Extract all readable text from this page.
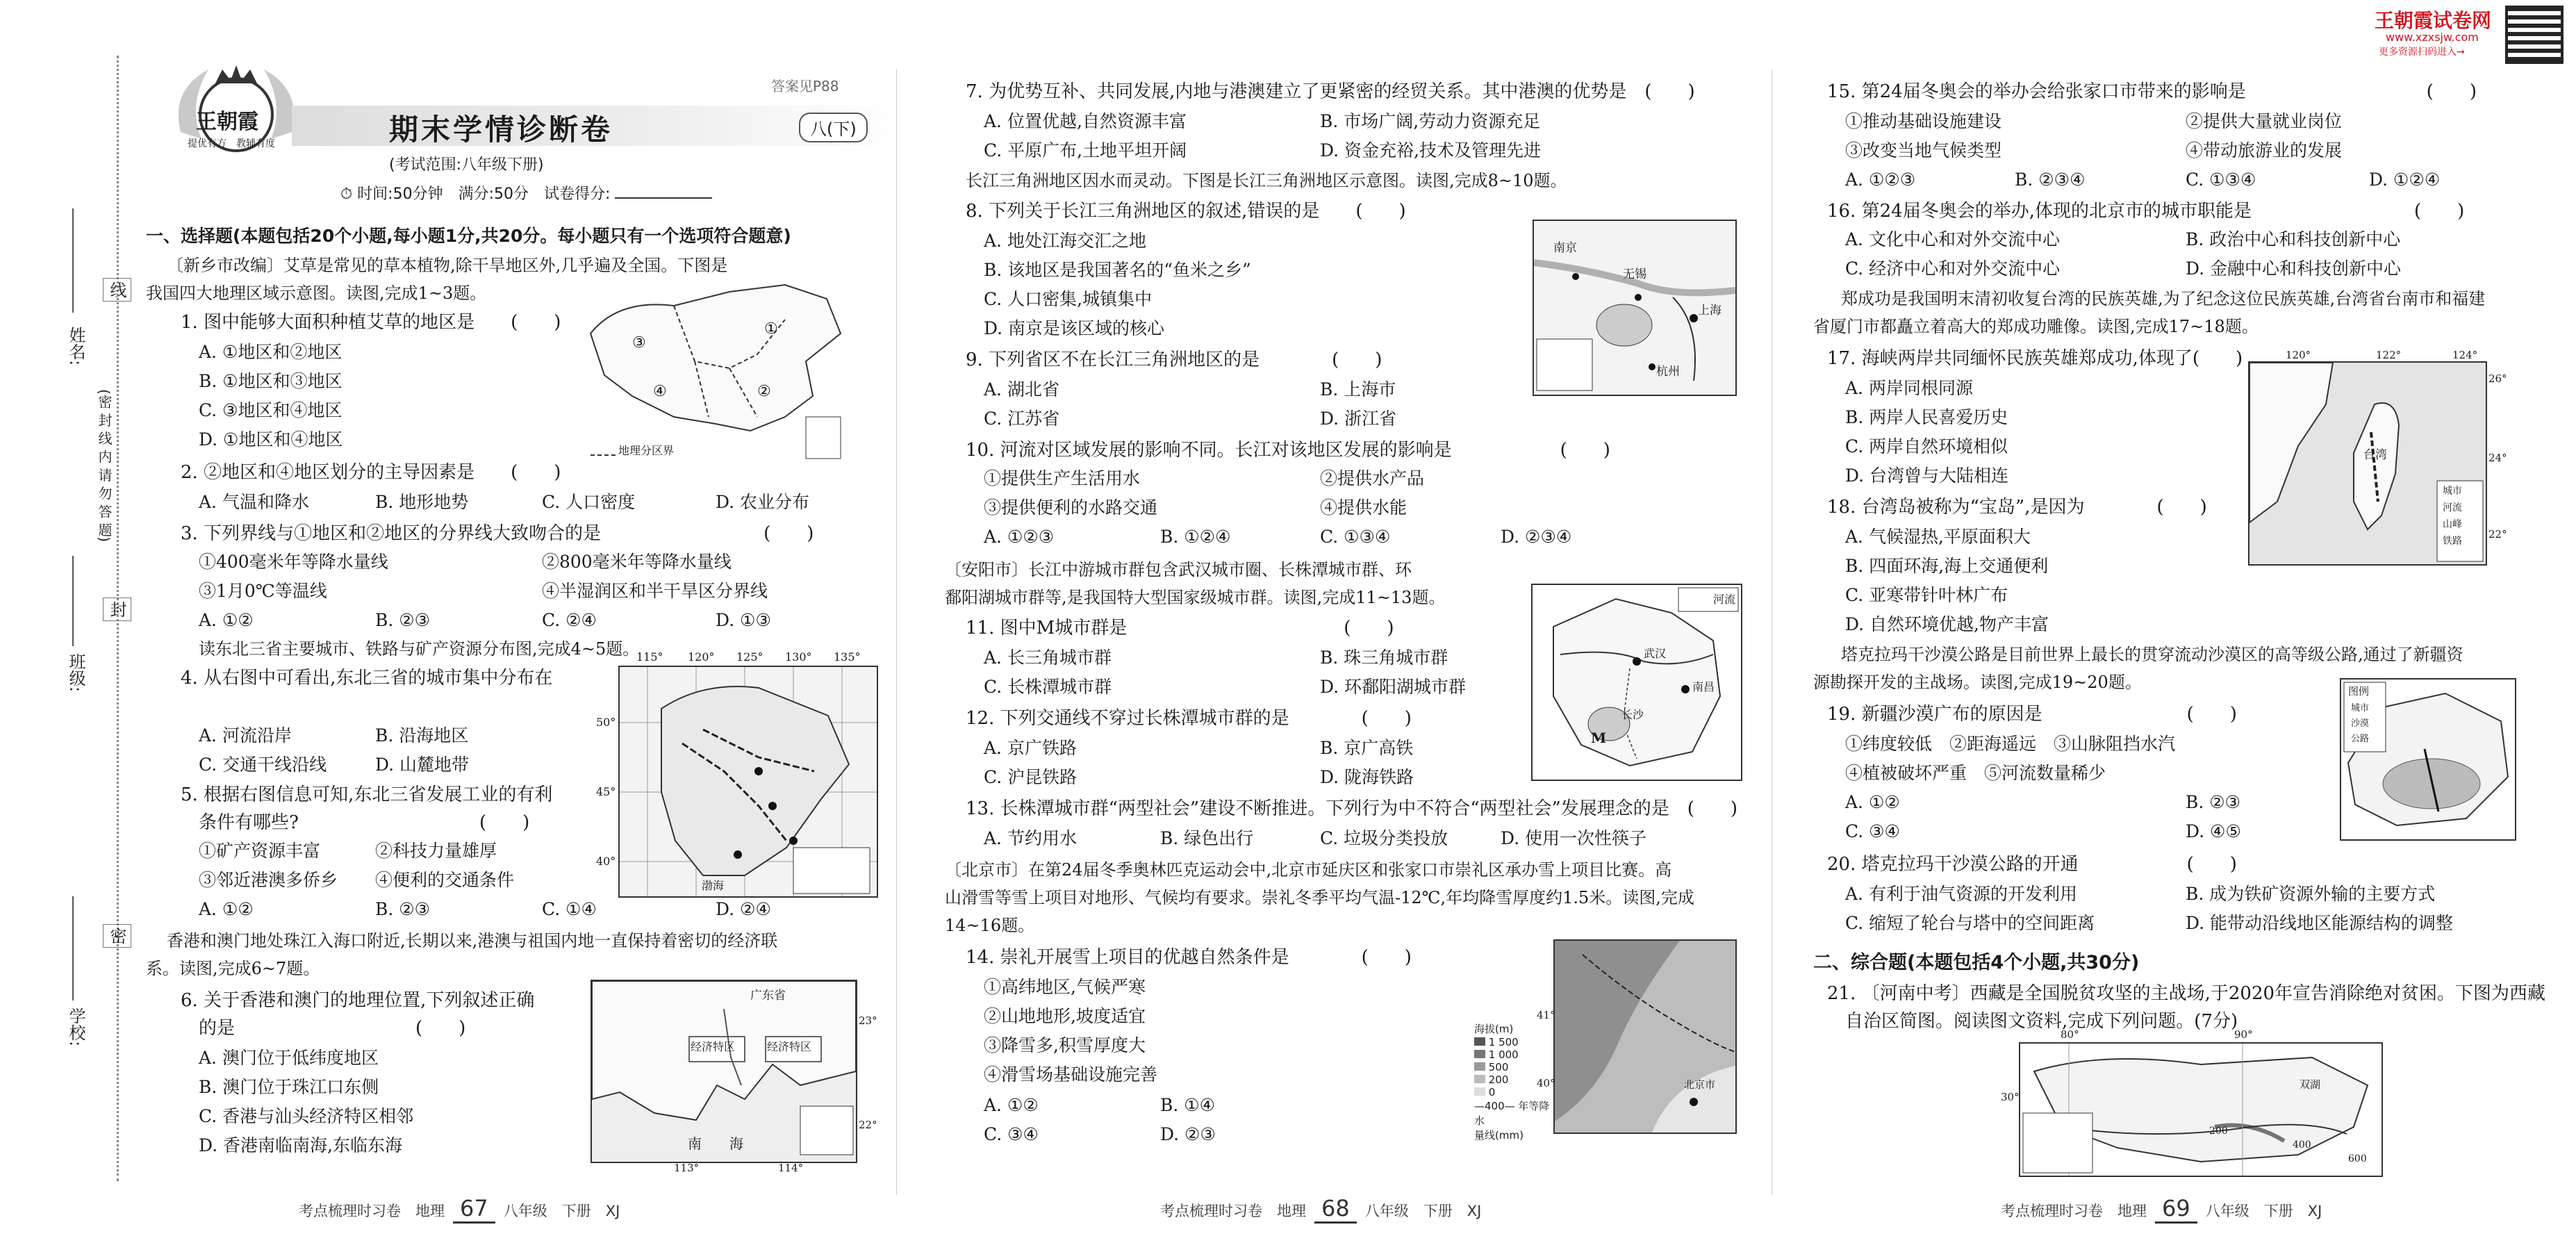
姓名:
班级:
学校:
(密 封 线 内 请 勿 答 题)
线
封
密
王朝霞
提优有方　教辅有度
答案见P88
期末学情诊断卷	八(下)
(考试范围:八年级下册)
⏱ 时间:50分钟　满分:50分　试卷得分:
王朝霞试卷网
www.xzxsjw.com
更多资源扫码进入→
一、选择题(本题包括20个小题,每小题1分,共20分。每小题只有一个选项符合题意)
〔新乡市改编〕艾草是常见的草本植物,除干旱地区外,几乎遍及全国。下图是
我国四大地理区域示意图。读图,完成1~3题。
1. 图中能够大面积种植艾草的地区是　　(　　)
A. ①地区和②地区
B. ①地区和③地区
C. ③地区和④地区
D. ①地区和④地区
③
①
④	②
地理分区界
2. ②地区和④地区划分的主导因素是　　(　　)
A. 气温和降水	B. 地形地势	C. 人口密度	D. 农业分布
3. 下列界线与①地区和②地区的分界线大致吻合的是　　　　　　　　　(　　)
①400毫米年等降水量线	②800毫米年等降水量线
③1月0℃等温线	④半湿润区和半干旱区分界线
A. ①②	B. ②③	C. ②④	D. ①③
读东北三省主要城市、铁路与矿产资源分布图,完成4~5题。
4. 从右图中可看出,东北三省的城市集中分布在
115° 120° 125° 130° 135°
50°
45°
40°
渤海
A. 河流沿岸	B. 沿海地区
C. 交通干线沿线	D. 山麓地带
5. 根据右图信息可知,东北三省发展工业的有利
条件有哪些?　　　　　　　　　　(　　)
①矿产资源丰富	②科技力量雄厚
③邻近港澳多侨乡 ④便利的交通条件
A. ①②	B. ②③	C. ①④	D. ②④
香港和澳门地处珠江入海口附近,长期以来,港澳与祖国内地一直保持着密切的经济联
系。读图,完成6~7题。
6. 关于香港和澳门的地理位置,下列叙述正确
的是　　　　　　　　　　(　　)
A. 澳门位于低纬度地区
B. 澳门位于珠江口东侧
C. 香港与汕头经济特区相邻
D. 香港南临南海,东临东海
广东省
经济特区	经济特区
南　　海
23°
22°
113°	114°
7. 为优势互补、共同发展,内地与港澳建立了更紧密的经贸关系。其中港澳的优势是　(　　)
A. 位置优越,自然资源丰富	B. 市场广阔,劳动力资源充足
C. 平原广布,土地平坦开阔	D. 资金充裕,技术及管理先进
长江三角洲地区因水而灵动。下图是长江三角洲地区示意图。读图,完成8~10题。
8. 下列关于长江三角洲地区的叙述,错误的是　　(　　)
A. 地处江海交汇之地
B. 该地区是我国著名的“鱼米之乡”
C. 人口密集,城镇集中
D. 南京是该区域的核心
南京
无锡
上海
杭州
9. 下列省区不在长江三角洲地区的是　　　　(　　)
A. 湖北省	B. 上海市
C. 江苏省	D. 浙江省
10. 河流对区域发展的影响不同。长江对该地区发展的影响是　　　　　　(　　)
①提供生产生活用水	②提供水产品
③提供便利的水路交通	④提供水能
A. ①②③	B. ①②④	C. ①③④	D. ②③④
〔安阳市〕长江中游城市群包含武汉城市圈、长株潭城市群、环
鄱阳湖城市群等,是我国特大型国家级城市群。读图,完成11~13题。	河流
武汉
南昌
长沙
M
11. 图中M城市群是　　　　　　　　　　　　(　　)
A. 长三角城市群	B. 珠三角城市群
C. 长株潭城市群	D. 环鄱阳湖城市群
12. 下列交通线不穿过长株潭城市群的是　　　　(　　)
A. 京广铁路	B. 京广高铁
C. 沪昆铁路	D. 陇海铁路
13. 长株潭城市群“两型社会”建设不断推进。下列行为中不符合“两型社会”发展理念的是　(　　)
A. 节约用水	B. 绿色出行	C. 垃圾分类投放	D. 使用一次性筷子
〔北京市〕在第24届冬季奥林匹克运动会中,北京市延庆区和张家口市崇礼区承办雪上项目比赛。高
山滑雪等雪上项目对地形、气候均有要求。崇礼冬季平均气温-12℃,年均降雪厚度约1.5米。读图,完成
14~16题。
14. 崇礼开展雪上项目的优越自然条件是　　　　(　　)
①高纬地区,气候严寒
②山地地形,坡度适宜
③降雪多,积雪厚度大
④滑雪场基础设施完善
A. ①②	B. ①④
C. ③④	D. ②③
41°
40°	北京市
海拔(m)
1 500
1 000
500
200
0
—400— 年等降水
量线(mm)
15. 第24届冬奥会的举办会给张家口市带来的影响是　　　　　　　　　　(　　)
①推动基础设施建设	②提供大量就业岗位
③改变当地气候类型	④带动旅游业的发展
A. ①②③	B. ②③④	C. ①③④	D. ①②④
16. 第24届冬奥会的举办,体现的北京市的城市职能是　　　　　　　　　(　　)
A. 文化中心和对外交流中心	B. 政治中心和科技创新中心
C. 经济中心和对外交流中心	D. 金融中心和科技创新中心
郑成功是我国明末清初收复台湾的民族英雄,为了纪念这位民族英雄,台湾省台南市和福建
省厦门市都矗立着高大的郑成功雕像。读图,完成17~18题。
17. 海峡两岸共同缅怀民族英雄郑成功,体现了(　　)
A. 两岸同根同源
B. 两岸人民喜爱历史
C. 两岸自然环境相似
D. 台湾曾与大陆相连
120°	122°	124°
26°
24°
22°
台湾
城市
河流
山峰
铁路
18. 台湾岛被称为“宝岛”,是因为　　　　(　　)
A. 气候湿热,平原面积大
B. 四面环海,海上交通便利
C. 亚寒带针叶林广布
D. 自然环境优越,物产丰富
塔克拉玛干沙漠公路是目前世界上最长的贯穿流动沙漠区的高等级公路,通过了新疆资
源勘探开发的主战场。读图,完成19~20题。
19. 新疆沙漠广布的原因是　　　　　　　　(　　)
①纬度较低　②距海遥远　③山脉阻挡水汽
④植被破坏严重　⑤河流数量稀少
A. ①②	B. ②③
C. ③④	D. ④⑤
图例
城市
沙漠
公路
20. 塔克拉玛干沙漠公路的开通　　　　　　(　　)
A. 有利于油气资源的开发利用	B. 成为铁矿资源外输的主要方式
C. 缩短了轮台与塔中的空间距离	D. 能带动沿线地区能源结构的调整
二、综合题(本题包括4个小题,共30分)
21. 〔河南中考〕西藏是全国脱贫攻坚的主战场,于2020年宣告消除绝对贫困。下图为西藏
自治区简图。阅读图文资料,完成下列问题。(7分)
80°	90°
30°
双湖
200
400
600
考点梳理时习卷　地理 67 八年级　下册　XJ	考点梳理时习卷　地理 68 八年级　下册　XJ	考点梳理时习卷　地理 69 八年级　下册　XJ
